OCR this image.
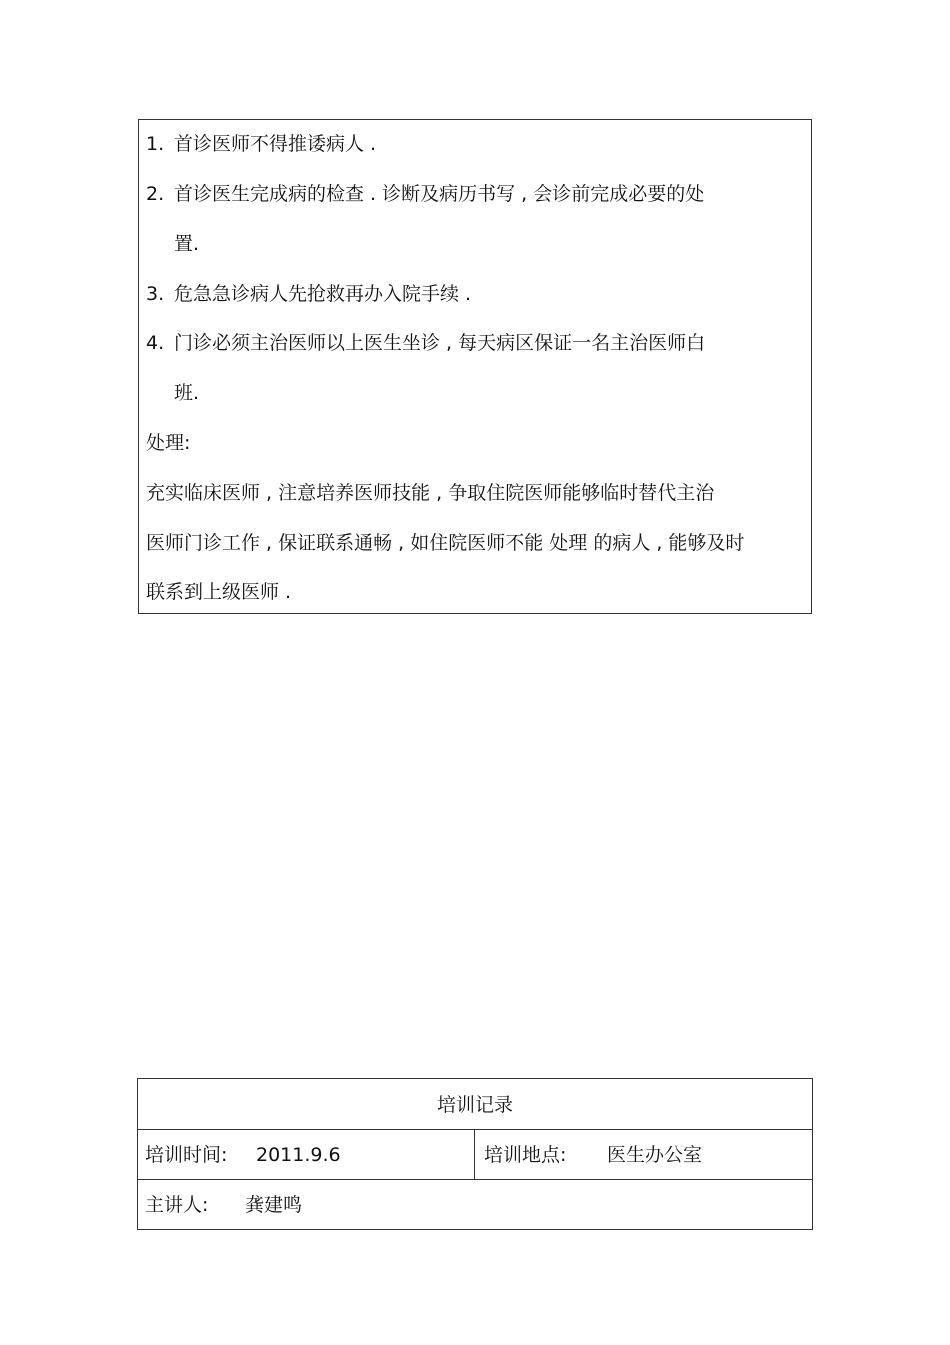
1. 首诊医师不得推诿病人 .
2. 首诊医生完成病的检查 . 诊断及病历书写 , 会诊前完成必要的处
置.
3. 危急急诊病人先抢救再办入院手续 .
4. 门诊必须主治医师以上医生坐诊 , 每天病区保证一名主治医师白
班.
处理:
充实临床医师 , 注意培养医师技能 , 争取住院医师能够临时替代主治
医师门诊工作 , 保证联系通畅 , 如住院医师不能 处理 的病人 , 能够及时
联系到上级医师 .
培训记录
培训时间: 2011.9.6	培训地点: 医生办公室
主讲人: 龚建鸣
